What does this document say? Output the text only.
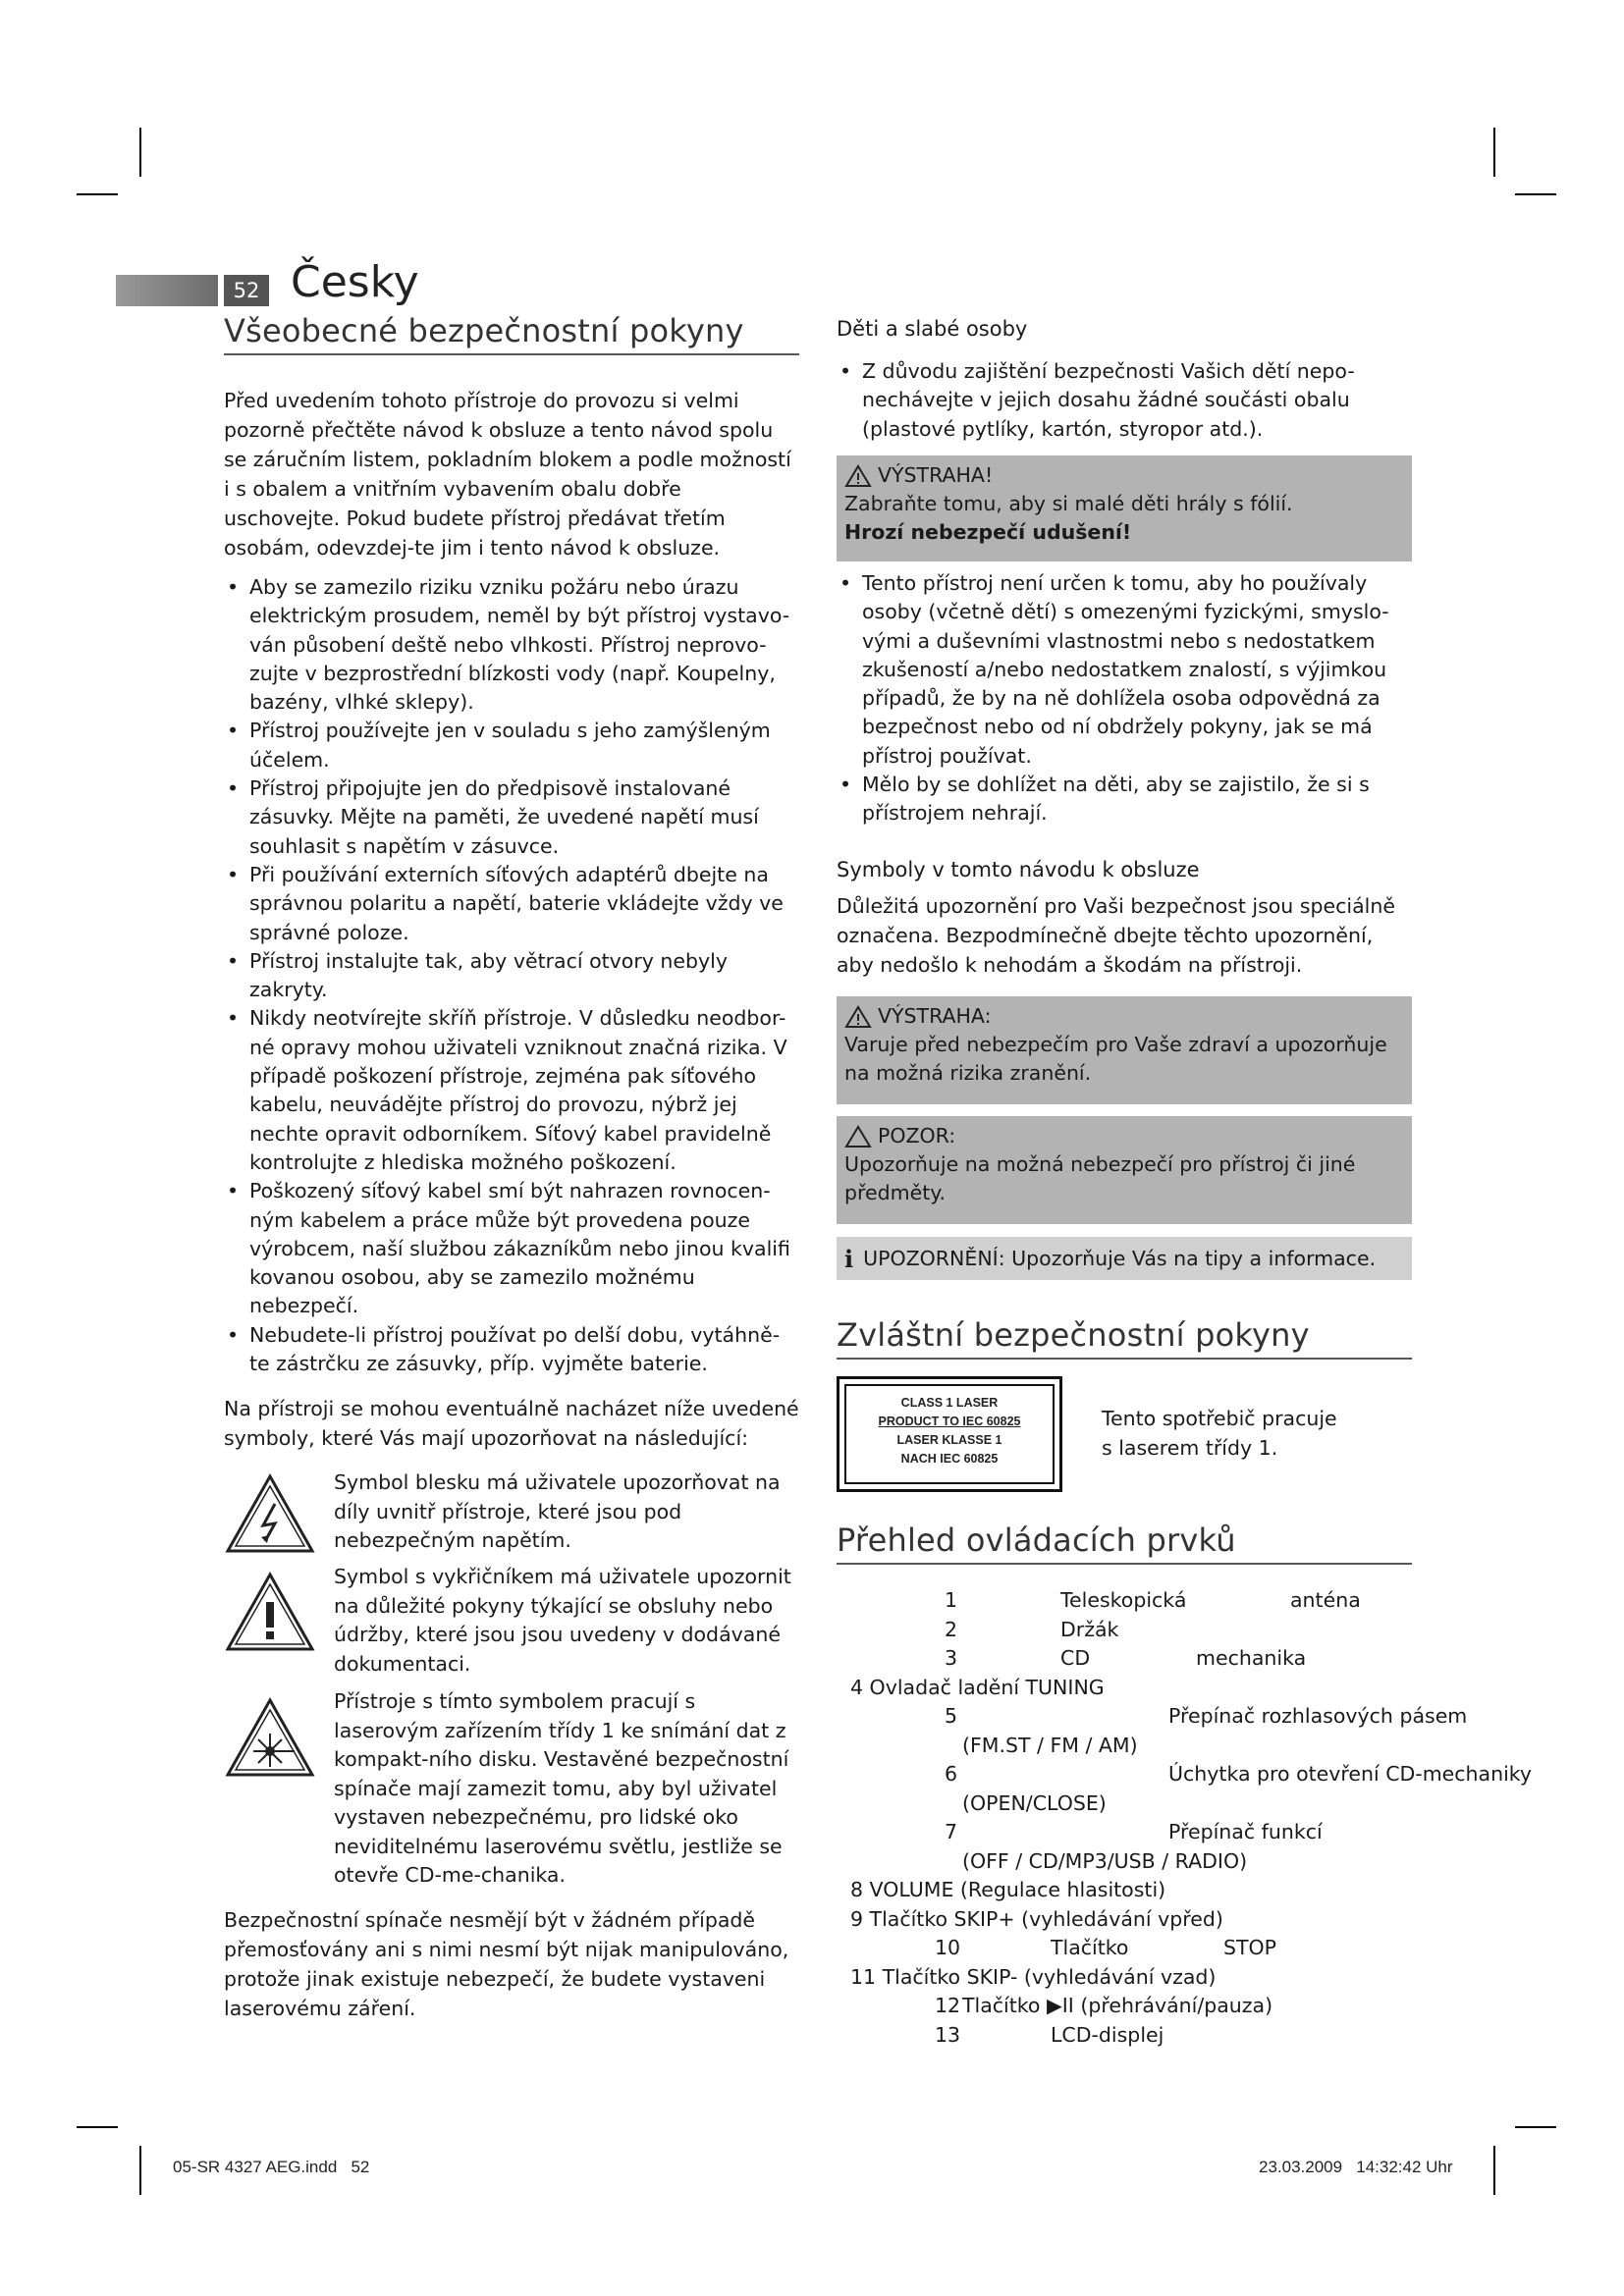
52 Česky
Všeobecné bezpečnostní pokyny

Před uvedením tohoto přístroje do provozu si velmi pozorně přečtěte návod k obsluze a tento návod spolu se záručním listem, pokladním blokem a podle možností i s obalem a vnitřním vybavením obalu dobře uschovejte. Pokud budete přístroj předávat třetím osobám, odevzdej-te jim i tento návod k obsluze.

• Aby se zamezilo riziku vzniku požáru nebo úrazu elektrickým prosudem, neměl by být přístroj vystavo-ván působení deště nebo vlhkosti. Přístroj neprovo-zujte v bezprostřední blízkosti vody (např. Koupelny, bazény, vlhké sklepy).
• Přístroj používejte jen v souladu s jeho zamýšleným účelem.
• Přístroj připojujte jen do předpisově instalované zásuvky. Mějte na paměti, že uvedené napětí musí souhlasit s napětím v zásuvce.
• Při používání externích síťových adaptérů dbejte na správnou polaritu a napětí, baterie vkládejte vždy ve správné poloze.
• Přístroj instalujte tak, aby větrací otvory nebyly zakryty.
• Nikdy neotvírejte skříň přístroje. V důsledku neodbor-né opravy mohou uživateli vzniknout značná rizika. V případě poškození přístroje, zejména pak síťového kabelu, neuvádějte přístroj do provozu, nýbrž jej nechte opravit odborníkem. Síťový kabel pravidelně kontrolujte z hlediska možného poškození.
• Poškozený síťový kabel smí být nahrazen rovnocen-ným kabelem a práce může být provedena pouze výrobcem, naší službou zákazníkům nebo jinou kvalifi kovanou osobou, aby se zamezilo možnému nebezpečí.
• Nebudete-li přístroj používat po delší dobu, vytáhně-te zástrčku ze zásuvky, příp. vyjměte baterie.

Na přístroji se mohou eventuálně nacházet níže uvedené symboly, které Vás mají upozorňovat na následující:

Symbol blesku má uživatele upozorňovat na díly uvnitř přístroje, které jsou pod nebezpečným napětím.

Symbol s vykřičníkem má uživatele upozornit na důležité pokyny týkající se obsluhy nebo údržby, které jsou jsou uvedeny v dodávané dokumentaci.

Přístroje s tímto symbolem pracují s laserovým zařízením třídy 1 ke snímání dat z kompakt-ního disku. Vestavěné bezpečnostní spínače mají zamezit tomu, aby byl uživatel vystaven nebezpečnému, pro lidské oko neviditelnému laserovému světlu, jestliže se otevře CD-me-chanika.

Bezpečnostní spínače nesmějí být v žádném případě přemosťovány ani s nimi nesmí být nijak manipulováno, protože jinak existuje nebezpečí, že budete vystaveni laserovému záření.

Děti a slabé osoby
• Z důvodu zajištění bezpečnosti Vašich dětí nepo-nechávejte v jejich dosahu žádné součásti obalu (plastové pytlíky, kartón, styropor atd.).
VÝSTRAHA!
Zabraňte tomu, aby si malé děti hrály s fólií.
Hrozí nebezpečí udušení!
• Tento přístroj není určen k tomu, aby ho používaly osoby (včetně dětí) s omezenými fyzickými, smyslo-vými a duševními vlastnostmi nebo s nedostatkem zkušeností a/nebo nedostatkem znalostí, s výjimkou případů, že by na ně dohlížela osoba odpovědná za bezpečnost nebo od ní obdržely pokyny, jak se má přístroj používat.
• Mělo by se dohlížet na děti, aby se zajistilo, že si s přístrojem nehrají.
Symboly v tomto návodu k obsluze

Důležitá upozornění pro Vaši bezpečnost jsou speciálně označena. Bezpodmínečně dbejte těchto upozornění, aby nedošlo k nehodám a škodám na přístroji.

VÝSTRAHA:
Varuje před nebezpečím pro Vaše zdraví a upozorňuje na možná rizika zranění.
POZOR:
Upozorňuje na možná nebezpečí pro přístroj či jiné předměty.
i UPOZORNĚNÍ: Upozorňuje Vás na tipy a informace.
Zvláštní bezpečnostní pokyny
CLASS 1 LASER
PRODUCT TO IEC 60825
LASER KLASSE 1
NACH IEC 60825
Tento spotřebič pracuje
s laserem třídy 1.
Přehled ovládacích prvků
1	Teleskopická	anténa
2	Držák
3	CD	mechanika
4 Ovladač ladění TUNING
5	Přepínač rozhlasových pásem
(FM.ST / FM / AM)
6	Úchytka pro otevření CD-mechaniky
(OPEN/CLOSE)
7	Přepínač funkcí
(OFF / CD/MP3/USB / RADIO)
8 VOLUME (Regulace hlasitosti)
9 Tlačítko SKIP+ (vyhledávání vpřed)
10	Tlačítko	STOP
11 Tlačítko SKIP- (vyhledávání vzad)
12 Tlačítko ▶II (přehrávání/pauza)
13	LCD-displej
05-SR 4327 AEG.indd   52	23.03.2009   14:32:42 Uhr
